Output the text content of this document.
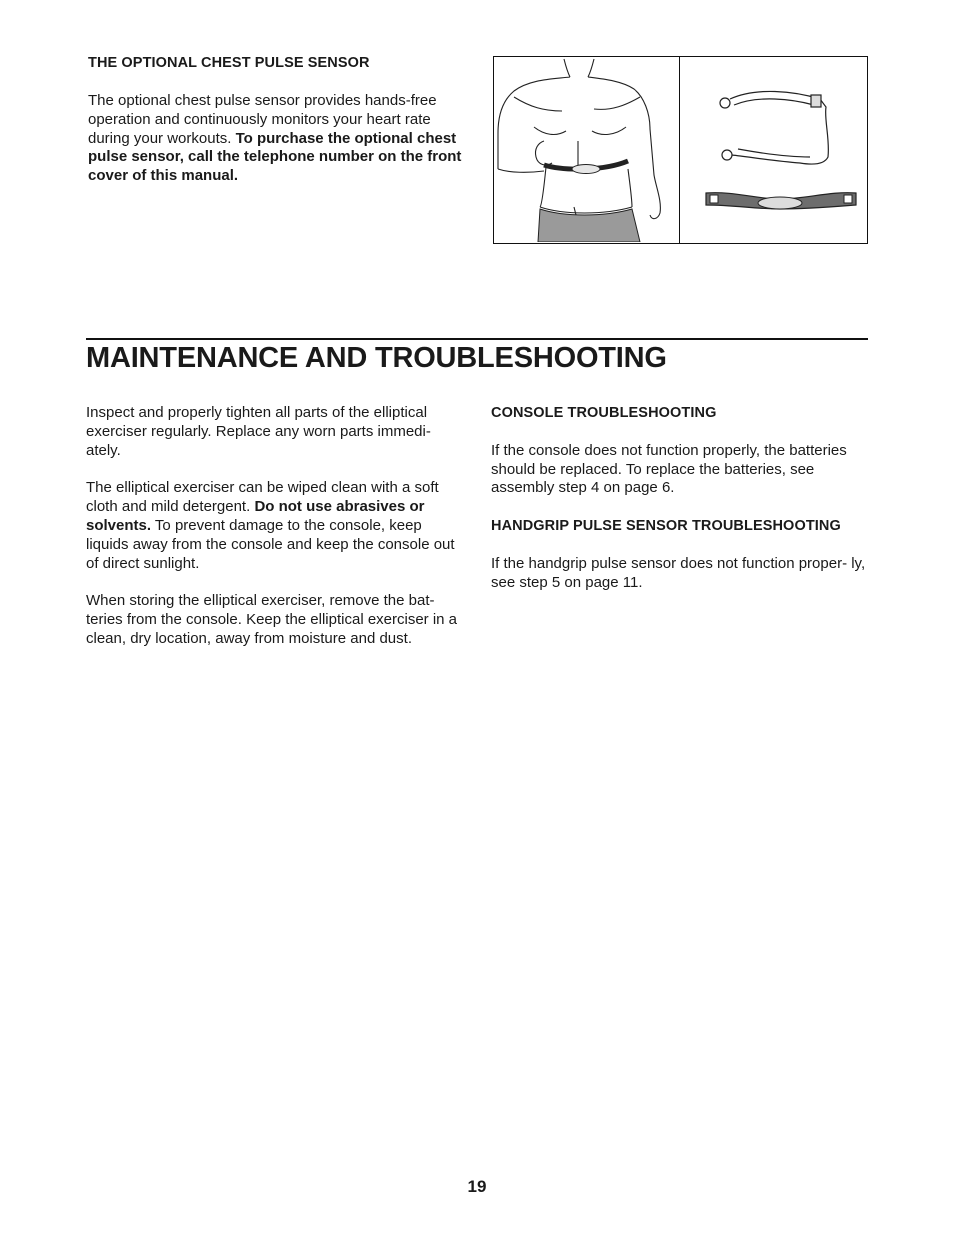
THE OPTIONAL CHEST PULSE SENSOR

The optional chest pulse sensor provides hands-free operation and continuously monitors your heart rate during your workouts. To purchase the optional chest pulse sensor, call the telephone number on the front cover of this manual.

MAINTENANCE AND TROUBLESHOOTING

Inspect and properly tighten all parts of the elliptical exerciser regularly. Replace any worn parts immedi- ately.

The elliptical exerciser can be wiped clean with a soft cloth and mild detergent. Do not use abrasives or solvents. To prevent damage to the console, keep liquids away from the console and keep the console out of direct sunlight.

When storing the elliptical exerciser, remove the bat- teries from the console. Keep the elliptical exerciser in a clean, dry location, away from moisture and dust.

CONSOLE TROUBLESHOOTING

If the console does not function properly, the batteries should be replaced. To replace the batteries, see assembly step 4 on page 6.

HANDGRIP PULSE SENSOR TROUBLESHOOTING

If the handgrip pulse sensor does not function proper- ly, see step 5 on page 11.

19
